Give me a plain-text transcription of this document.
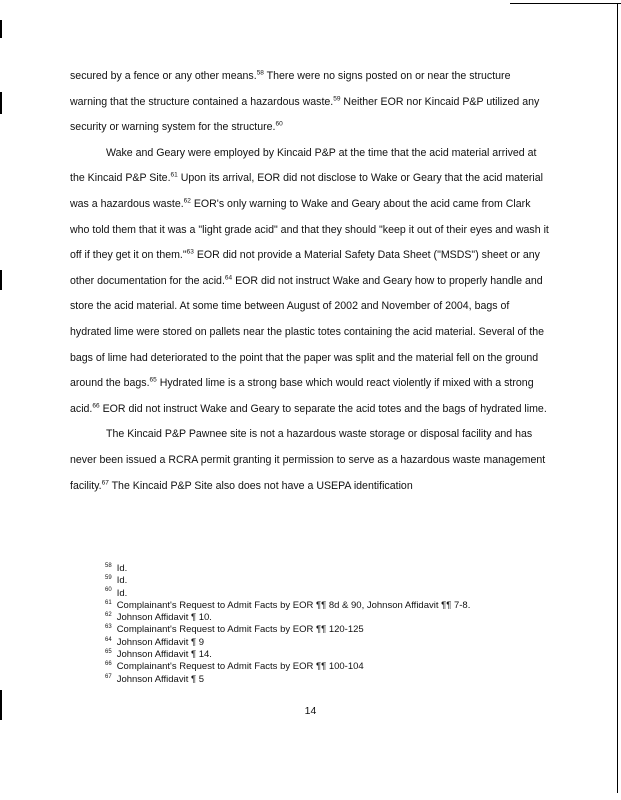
secured by a fence or any other means.$^{58}$ There were no signs posted on or near the structure warning that the structure contained a hazardous waste.$^{59}$ Neither EOR nor Kincaid P&P utilized any security or warning system for the structure.$^{60}$

Wake and Geary were employed by Kincaid P&P at the time that the acid material arrived at the Kincaid P&P Site.$^{61}$ Upon its arrival, EOR did not disclose to Wake or Geary that the acid material was a hazardous waste.$^{62}$ EOR's only warning to Wake and Geary about the acid came from Clark who told them that it was a "light grade acid" and that they should "keep it out of their eyes and wash it off if they get it on them."$^{63}$ EOR did not provide a Material Safety Data Sheet ("MSDS") sheet or any other documentation for the acid.$^{64}$ EOR did not instruct Wake and Geary how to properly handle and store the acid material. At some time between August of 2002 and November of 2004, bags of hydrated lime were stored on pallets near the plastic totes containing the acid material. Several of the bags of lime had deteriorated to the point that the paper was split and the material fell on the ground around the bags.$^{65}$ Hydrated lime is a strong base which would react violently if mixed with a strong acid.$^{66}$ EOR did not instruct Wake and Geary to separate the acid totes and the bags of hydrated lime.

The Kincaid P&P Pawnee site is not a hazardous waste storage or disposal facility and has never been issued a RCRA permit granting it permission to serve as a hazardous waste management facility.$^{67}$ The Kincaid P&P Site also does not have a USEPA identification

$^{58}$ Id.
$^{59}$ Id.
$^{60}$ Id.
$^{61}$ Complainant's Request to Admit Facts by EOR ¶¶ 8d & 90, Johnson Affidavit ¶¶ 7-8.
$^{62}$ Johnson Affidavit ¶ 10.
$^{63}$ Complainant's Request to Admit Facts by EOR ¶¶ 120-125
$^{64}$ Johnson Affidavit ¶ 9
$^{65}$ Johnson Affidavit ¶ 14.
$^{66}$ Complainant's Request to Admit Facts by EOR ¶¶ 100-104
$^{67}$ Johnson Affidavit ¶ 5
14
